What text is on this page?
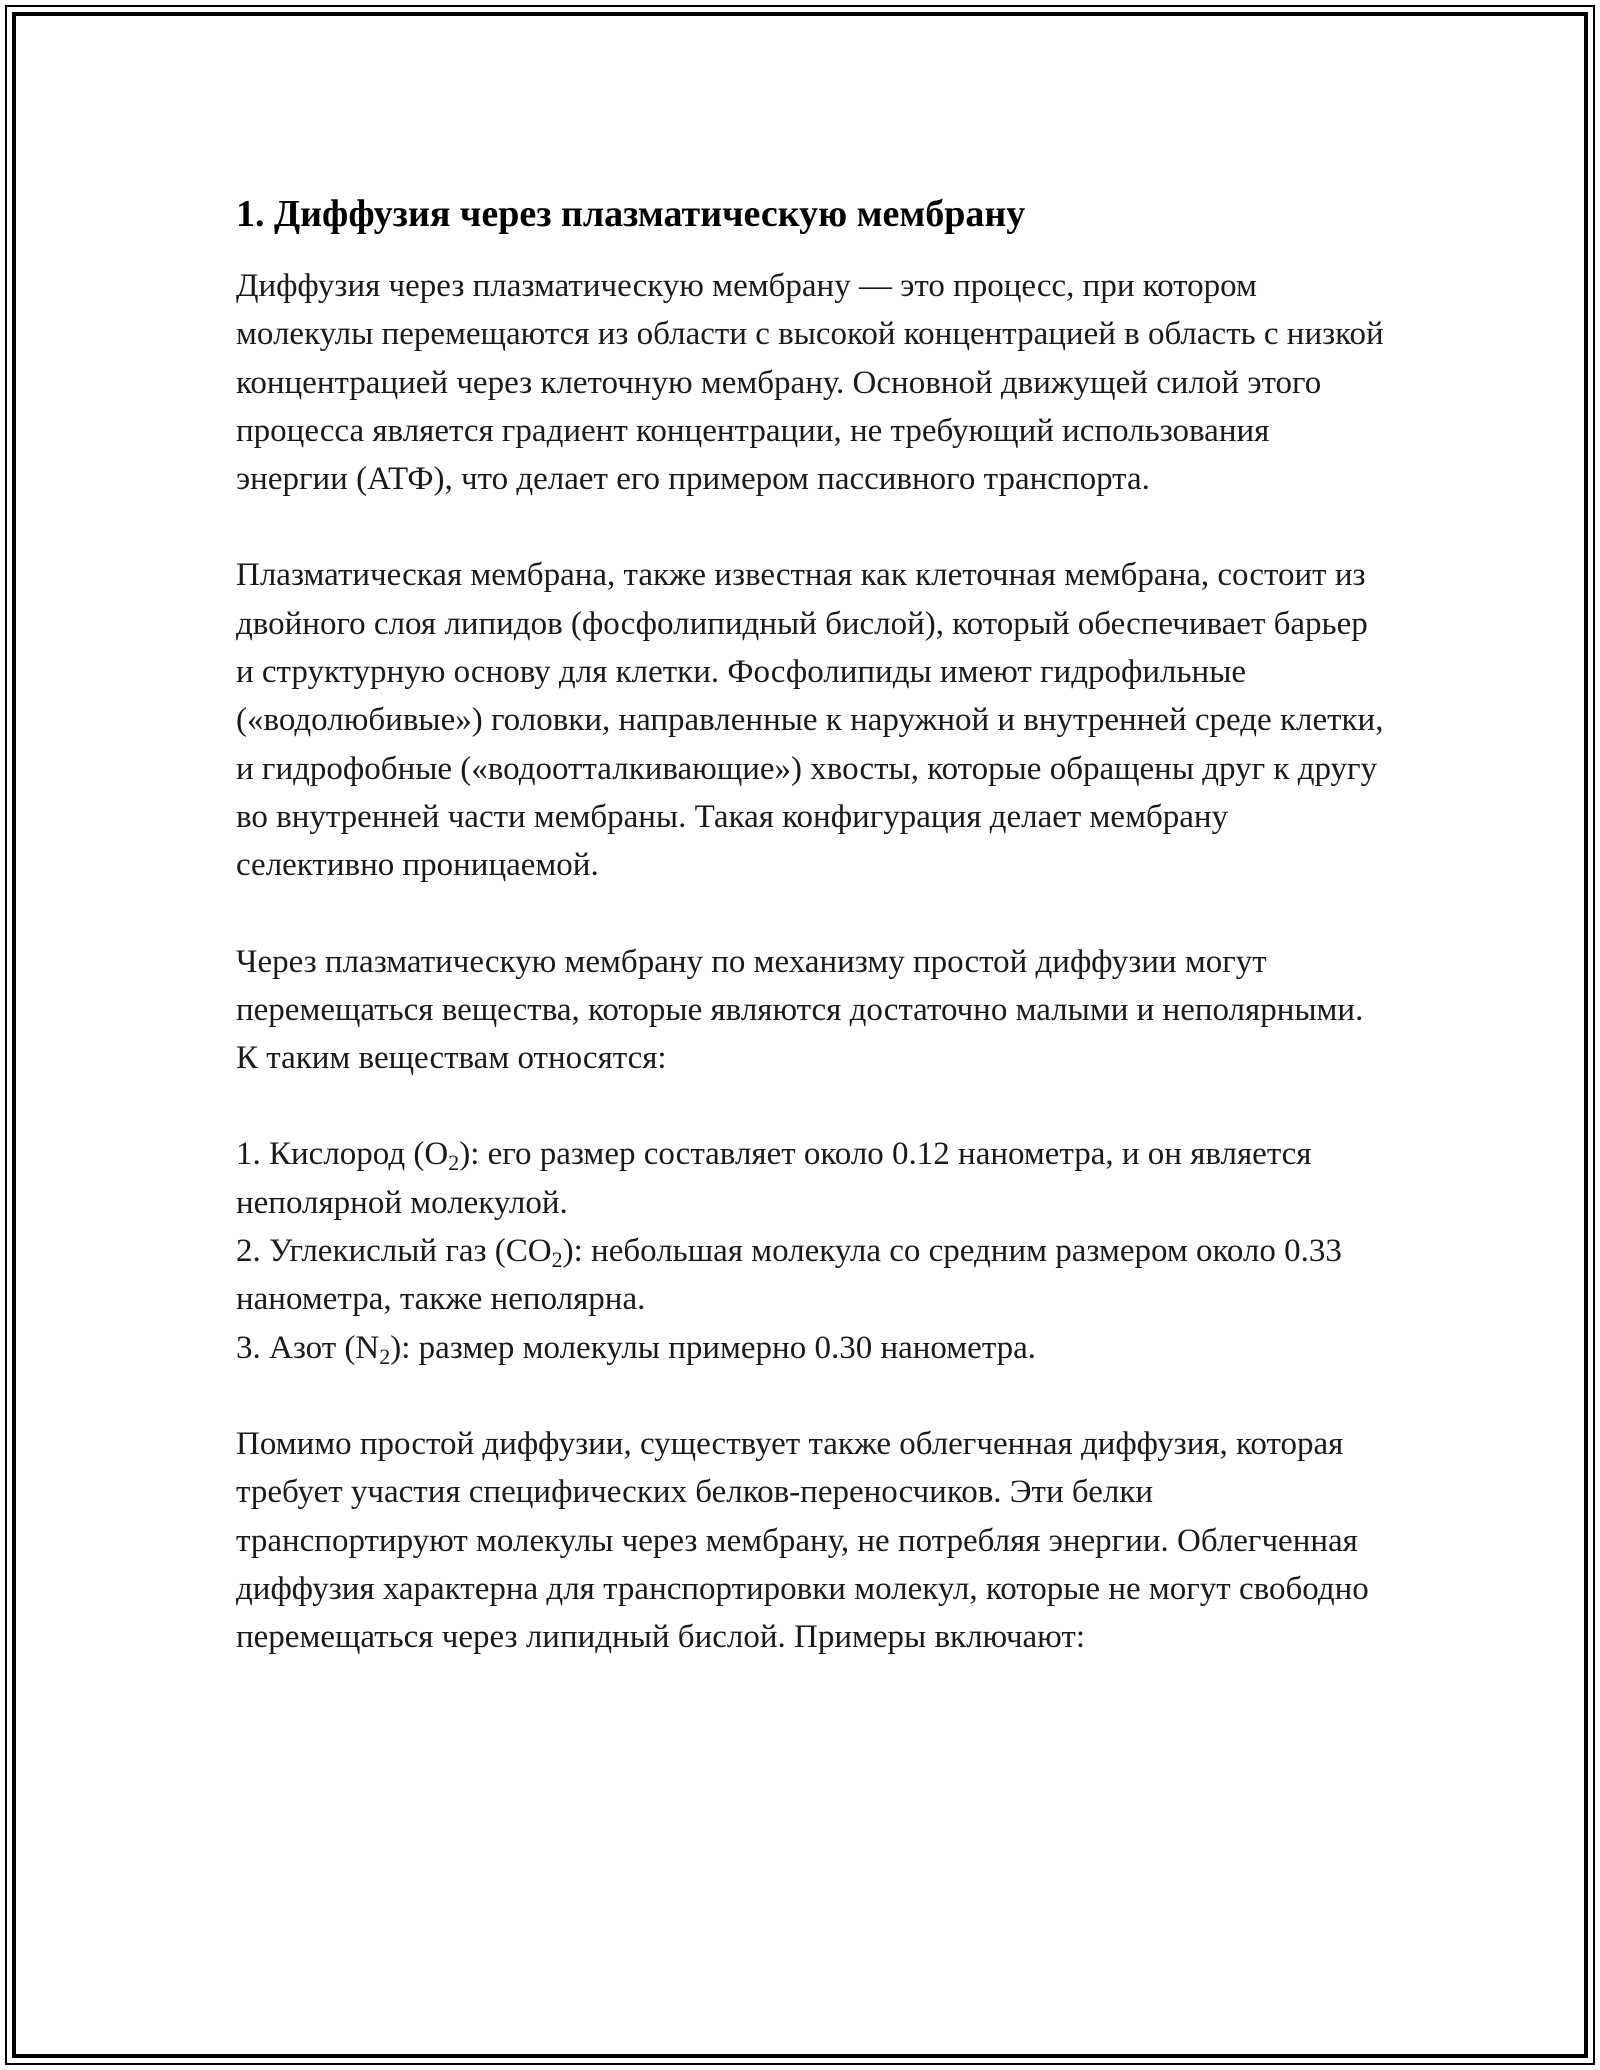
1. Диффузия через плазматическую мембрану

Диффузия через плазматическую мембрану — это процесс, при котором молекулы перемещаются из области с высокой концентрацией в область с низкой концентрацией через клеточную мембрану. Основной движущей силой этого процесса является градиент концентрации, не требующий использования энергии (АТФ), что делает его примером пассивного транспорта.

Плазматическая мембрана, также известная как клеточная мембрана, состоит из двойного слоя липидов (фосфолипидный бислой), который обеспечивает барьер и структурную основу для клетки. Фосфолипиды имеют гидрофильные («водолюбивые») головки, направленные к наружной и внутренней среде клетки, и гидрофобные («водоотталкивающие») хвосты, которые обращены друг к другу во внутренней части мембраны. Такая конфигурация делает мембрану селективно проницаемой.

Через плазматическую мембрану по механизму простой диффузии могут перемещаться вещества, которые являются достаточно малыми и неполярными. К таким веществам относятся:

1. Кислород $(O_2)$: его размер составляет около 0.12 нанометра, и он является неполярной молекулой.
2. Углекислый газ $(CO_2)$: небольшая молекула со средним размером около 0.33 нанометра, также неполярна.
3. Азот $(N_2)$: размер молекулы примерно 0.30 нанометра.

Помимо простой диффузии, существует также облегченная диффузия, которая требует участия специфических белков-переносчиков. Эти белки транспортируют молекулы через мембрану, не потребляя энергии. Облегченная диффузия характерна для транспортировки молекул, которые не могут свободно перемещаться через липидный бислой. Примеры включают:
